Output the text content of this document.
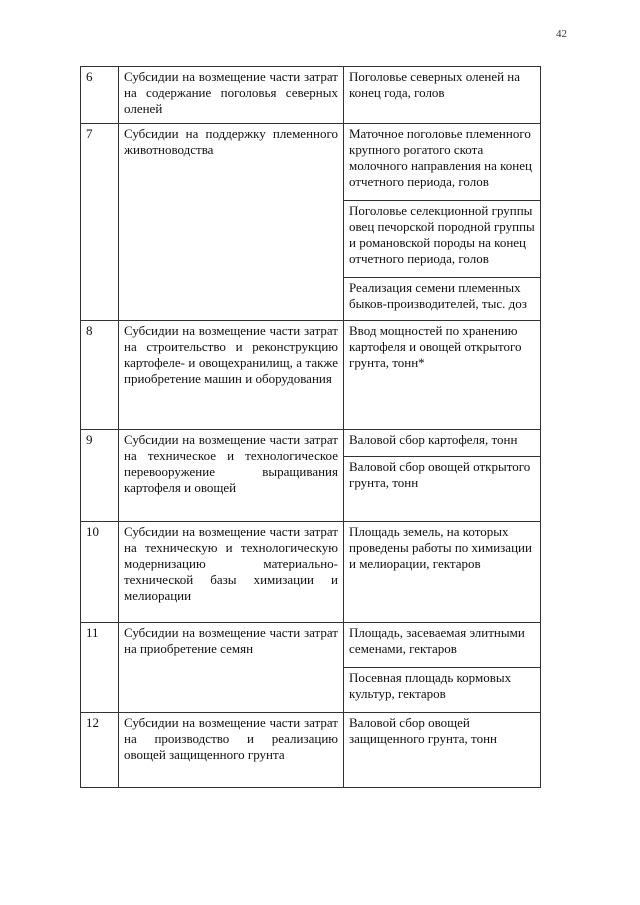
42
6	Субсидии на возмещение части затрат на содержание поголовья северных оленей	Поголовье северных оленей на конец года, голов
7	Субсидии на поддержку племенного животноводства	Маточное поголовье племенного крупного рогатого скота молочного направления на конец отчетного периода, голов
		Поголовье селекционной группы овец печорской породной группы и романовской породы на конец отчетного периода, голов
		Реализация семени племенных быков-производителей, тыс. доз
8	Субсидии на возмещение части затрат на строительство и реконструкцию картофеле- и овощехранилищ, а также приобретение машин и оборудования	Ввод мощностей по хранению картофеля и овощей открытого грунта, тонн*
9	Субсидии на возмещение части затрат на техническое и технологическое перевооружение выращивания картофеля и овощей	Валовой сбор картофеля, тонн
		Валовой сбор овощей открытого грунта, тонн
10	Субсидии на возмещение части затрат на техническую и технологическую модернизацию материально-технической базы химизации и мелиорации	Площадь земель, на которых проведены работы по химизации и мелиорации, гектаров
11	Субсидии на возмещение части затрат на приобретение семян	Площадь, засеваемая элитными семенами, гектаров
		Посевная площадь кормовых культур, гектаров
12	Субсидии на возмещение части затрат на производство и реализацию овощей защищенного грунта	Валовой сбор овощей защищенного грунта, тонн
